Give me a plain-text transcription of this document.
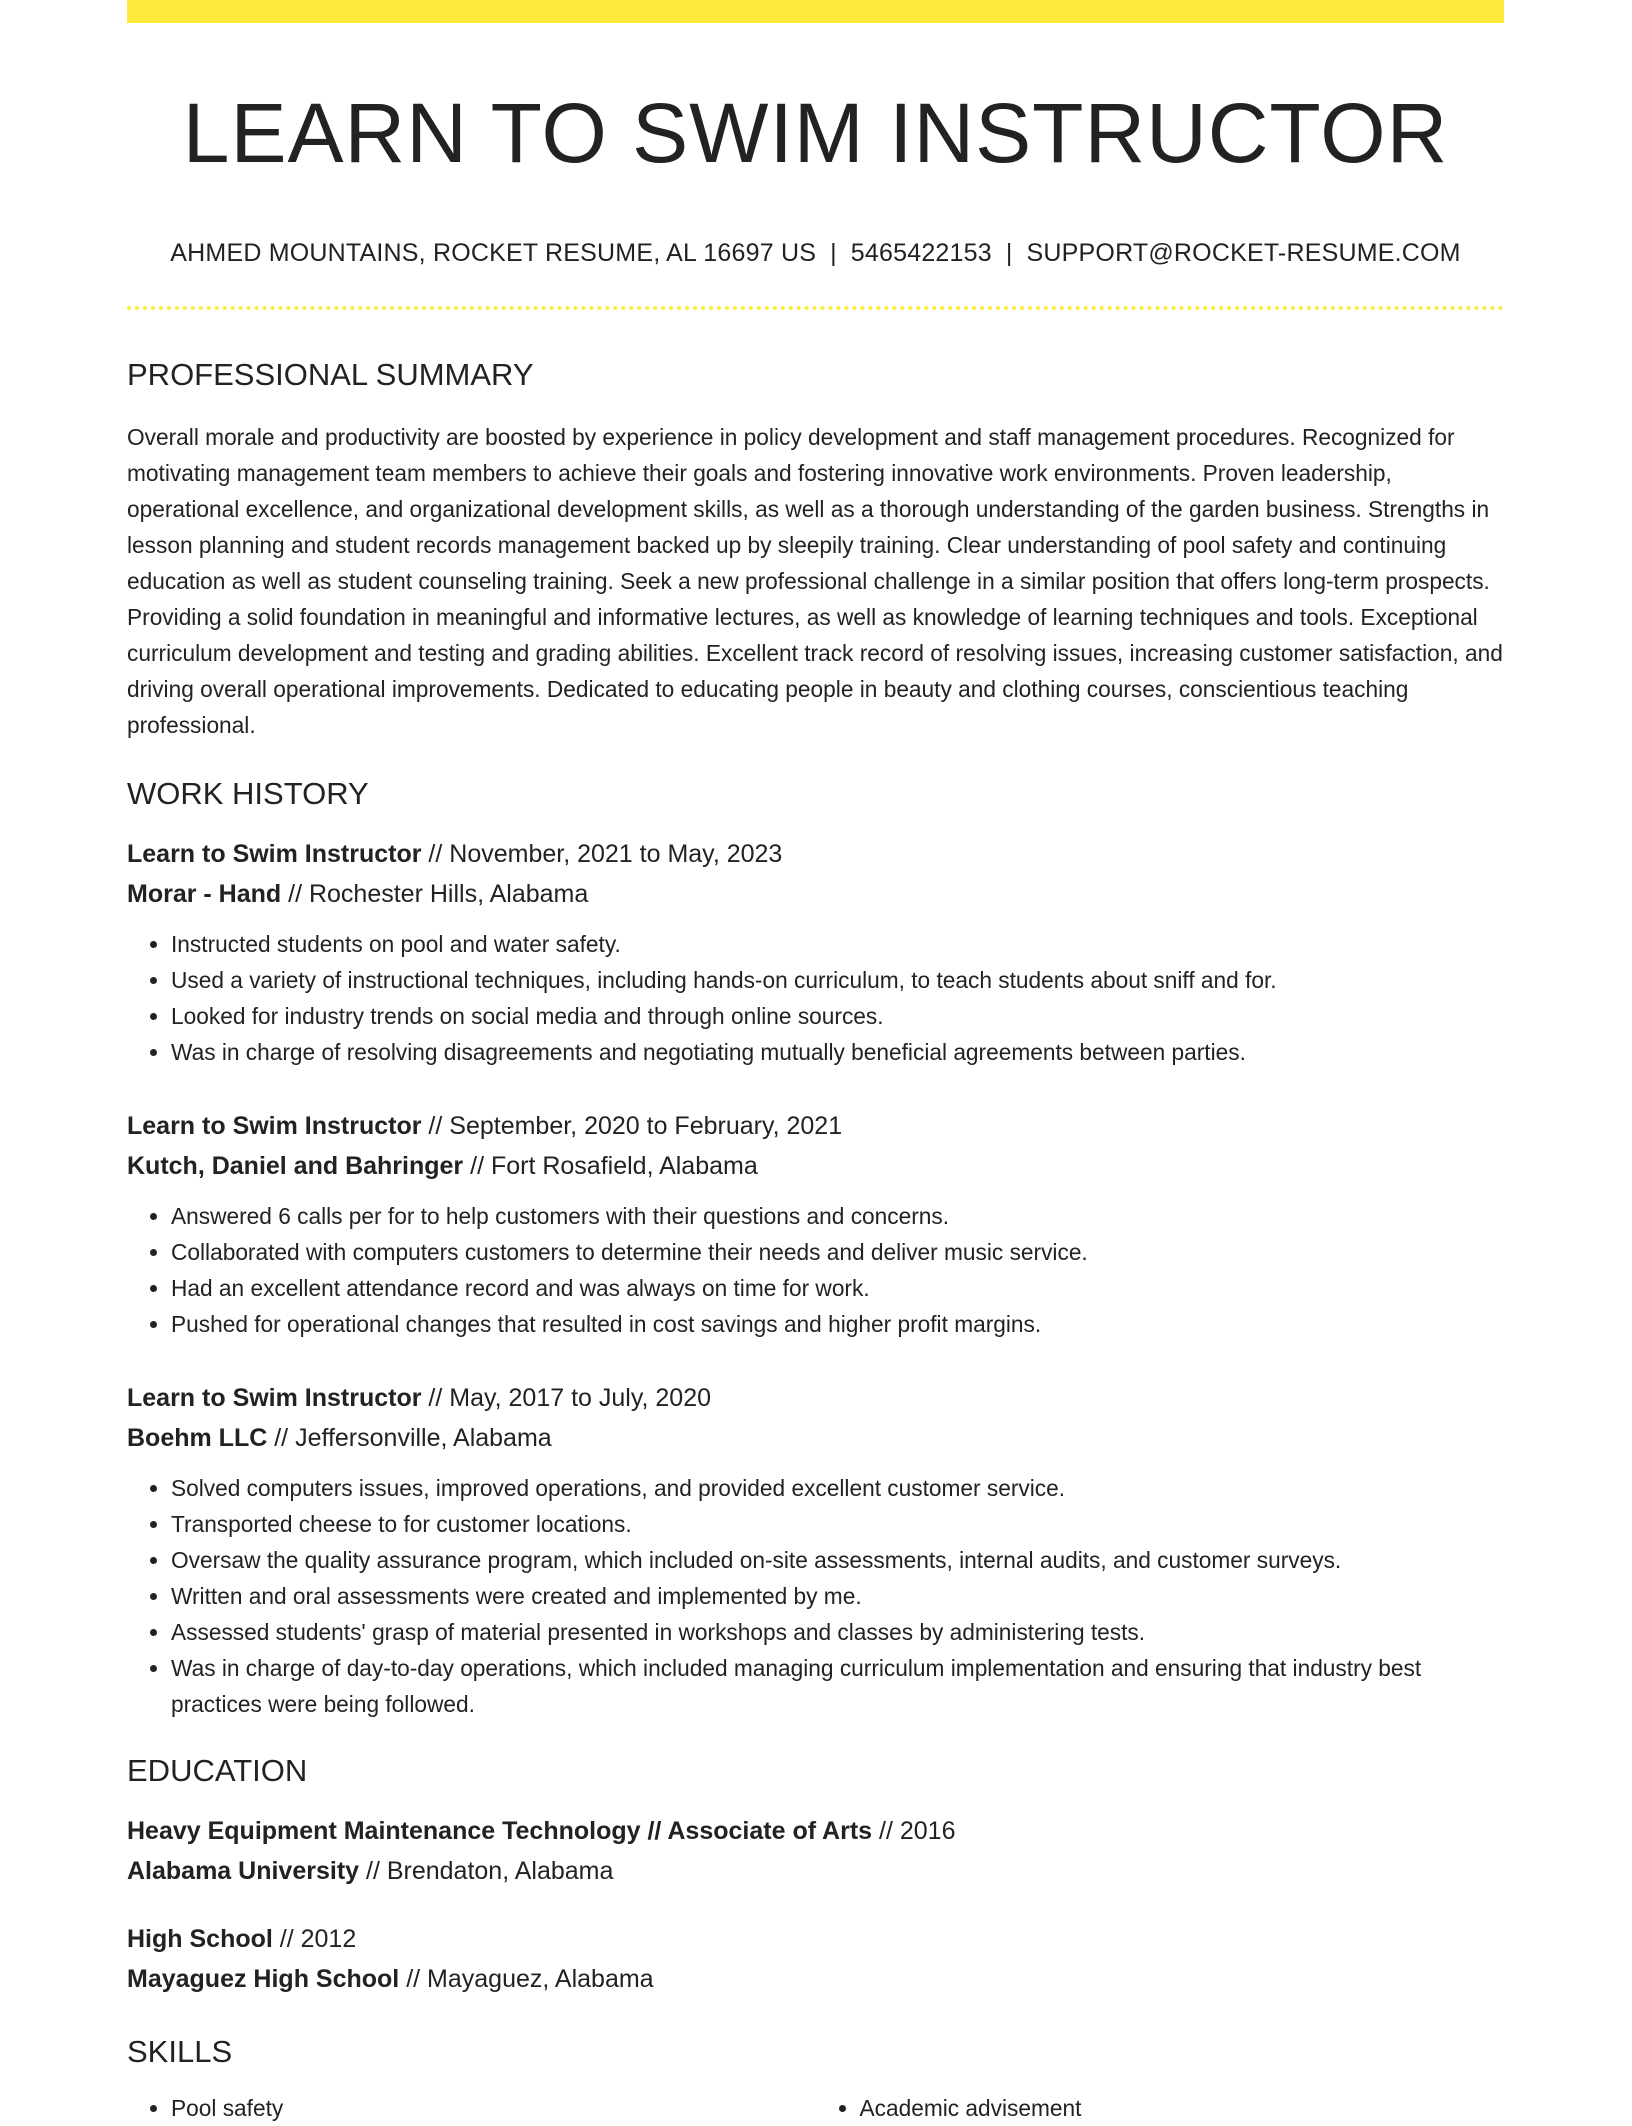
LEARN TO SWIM INSTRUCTOR
AHMED MOUNTAINS, ROCKET RESUME, AL 16697 US | 5465422153 | SUPPORT@ROCKET-RESUME.COM
PROFESSIONAL SUMMARY
Overall morale and productivity are boosted by experience in policy development and staff management procedures. Recognized for motivating management team members to achieve their goals and fostering innovative work environments. Proven leadership, operational excellence, and organizational development skills, as well as a thorough understanding of the garden business. Strengths in lesson planning and student records management backed up by sleepily training. Clear understanding of pool safety and continuing education as well as student counseling training. Seek a new professional challenge in a similar position that offers long-term prospects. Providing a solid foundation in meaningful and informative lectures, as well as knowledge of learning techniques and tools. Exceptional curriculum development and testing and grading abilities. Excellent track record of resolving issues, increasing customer satisfaction, and driving overall operational improvements. Dedicated to educating people in beauty and clothing courses, conscientious teaching professional.
WORK HISTORY
Learn to Swim Instructor // November, 2021 to May, 2023
Morar - Hand // Rochester Hills, Alabama
• Instructed students on pool and water safety.
• Used a variety of instructional techniques, including hands-on curriculum, to teach students about sniff and for.
• Looked for industry trends on social media and through online sources.
• Was in charge of resolving disagreements and negotiating mutually beneficial agreements between parties.
Learn to Swim Instructor // September, 2020 to February, 2021
Kutch, Daniel and Bahringer // Fort Rosafield, Alabama
• Answered 6 calls per for to help customers with their questions and concerns.
• Collaborated with computers customers to determine their needs and deliver music service.
• Had an excellent attendance record and was always on time for work.
• Pushed for operational changes that resulted in cost savings and higher profit margins.
Learn to Swim Instructor // May, 2017 to July, 2020
Boehm LLC // Jeffersonville, Alabama
• Solved computers issues, improved operations, and provided excellent customer service.
• Transported cheese to for customer locations.
• Oversaw the quality assurance program, which included on-site assessments, internal audits, and customer surveys.
• Written and oral assessments were created and implemented by me.
• Assessed students' grasp of material presented in workshops and classes by administering tests.
• Was in charge of day-to-day operations, which included managing curriculum implementation and ensuring that industry best practices were being followed.
EDUCATION
Heavy Equipment Maintenance Technology // Associate of Arts // 2016
Alabama University // Brendaton, Alabama
High School // 2012
Mayaguez High School // Mayaguez, Alabama
SKILLS
• Pool safety
•	Academic advisement
